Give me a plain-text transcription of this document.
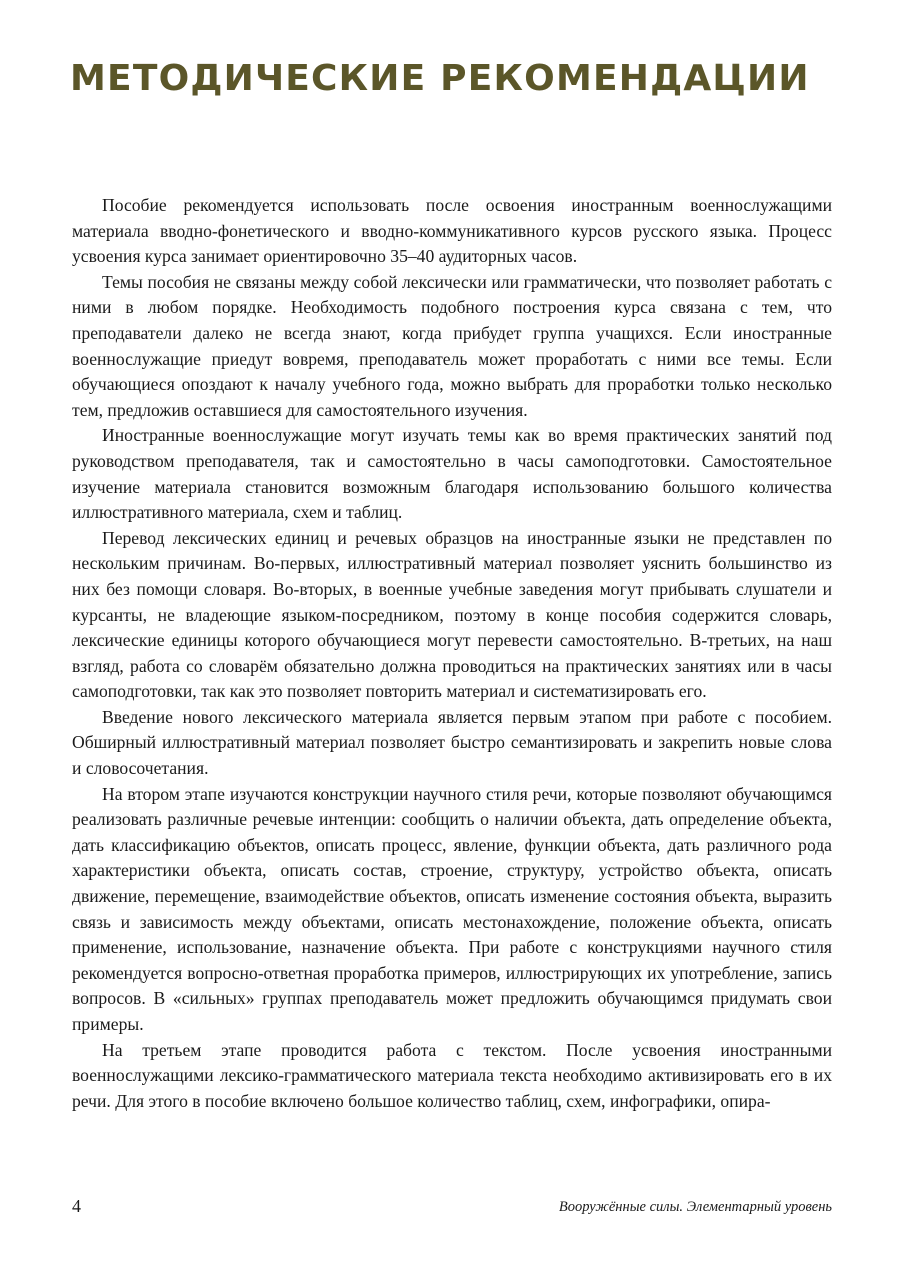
МЕТОДИЧЕСКИЕ РЕКОМЕНДАЦИИ

Пособие рекомендуется использовать после освоения иностранным военнослужащими материала вводно-фонетического и вводно-коммуникативного курсов русского языка. Процесс усвоения курса занимает ориентировочно 35–40 аудиторных часов.

Темы пособия не связаны между собой лексически или грамматически, что позволяет работать с ними в любом порядке. Необходимость подобного построения курса связана с тем, что преподаватели далеко не всегда знают, когда прибудет группа учащихся. Если иностранные военнослужащие приедут вовремя, преподаватель может проработать с ними все темы. Если обучающиеся опоздают к началу учебного года, можно выбрать для проработки только несколько тем, предложив оставшиеся для самостоятельного изучения.

Иностранные военнослужащие могут изучать темы как во время практических занятий под руководством преподавателя, так и самостоятельно в часы самоподготовки. Самостоятельное изучение материала становится возможным благодаря использованию большого количества иллюстративного материала, схем и таблиц.

Перевод лексических единиц и речевых образцов на иностранные языки не представлен по нескольким причинам. Во-первых, иллюстративный материал позволяет уяснить большинство из них без помощи словаря. Во-вторых, в военные учебные заведения могут прибывать слушатели и курсанты, не владеющие языком-посредником, поэтому в конце пособия содержится словарь, лексические единицы которого обучающиеся могут перевести самостоятельно. В-третьих, на наш взгляд, работа со словарём обязательно должна проводиться на практических занятиях или в часы самоподготовки, так как это позволяет повторить материал и систематизировать его.

Введение нового лексического материала является первым этапом при работе с пособием. Обширный иллюстративный материал позволяет быстро семантизировать и закрепить новые слова и словосочетания.

На втором этапе изучаются конструкции научного стиля речи, которые позволяют обучающимся реализовать различные речевые интенции: сообщить о наличии объекта, дать определение объекта, дать классификацию объектов, описать процесс, явление, функции объекта, дать различного рода характеристики объекта, описать состав, строение, структуру, устройство объекта, описать движение, перемещение, взаимодействие объектов, описать изменение состояния объекта, выразить связь и зависимость между объектами, описать местонахождение, положение объекта, описать применение, использование, назначение объекта. При работе с конструкциями научного стиля рекомендуется вопросно-ответная проработка примеров, иллюстрирующих их употребление, запись вопросов. В «сильных» группах преподаватель может предложить обучающимся придумать свои примеры.

На третьем этапе проводится работа с текстом. После усвоения иностранными военнослужащими лексико-грамматического материала текста необходимо активизировать его в их речи. Для этого в пособие включено большое количество таблиц, схем, инфографики, опира-

4	Вооружённые силы. Элементарный уровень
